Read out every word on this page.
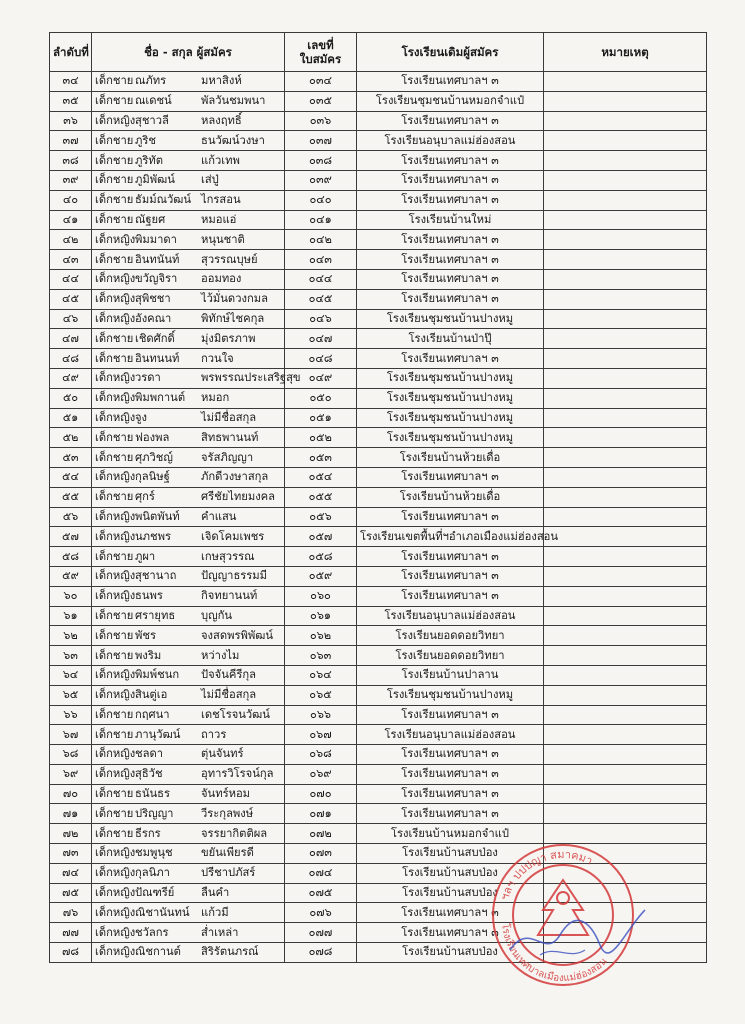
ลำดับที่	ชื่อ - สกุล ผู้สมัคร	เลขที่
ใบสมัคร	โรงเรียนเดิมผู้สมัคร	หมายเหตุ
๓๔	เด็กชาย ณภัทร มหาสิงห์	๐๓๔	โรงเรียนเทศบาลฯ ๓	
๓๕	เด็กชาย ณเดชน์ พัลวันชมพนา	๐๓๕	โรงเรียนชุมชนบ้านหมอกจำแป๋	
๓๖	เด็กหญิงสุชาวลี หลงฤทธิ์	๐๓๖	โรงเรียนเทศบาลฯ ๓	
๓๗	เด็กชาย ภูริช ธนวัฒน์วงษา	๐๓๗	โรงเรียนอนุบาลแม่ฮ่องสอน	
๓๘	เด็กชาย ภูริทัต แก้วเทพ	๐๓๘	โรงเรียนเทศบาลฯ ๓	
๓๙	เด็กชาย ภูมิพัฒน์ เส่ปู่	๐๓๙	โรงเรียนเทศบาลฯ ๓	
๔๐	เด็กชาย ธัมม์ณวัฒน์ ไกรสอน	๐๔๐	โรงเรียนเทศบาลฯ ๓	
๔๑	เด็กชาย ณัฐยศ หมอแอ่	๐๔๑	โรงเรียนบ้านใหม่	
๔๒	เด็กหญิงพิมมาดา หนุนชาติ	๐๔๒	โรงเรียนเทศบาลฯ ๓	
๔๓	เด็กชาย อินทนันท์ สุวรรณบุษย์	๐๔๓	โรงเรียนเทศบาลฯ ๓	
๔๔	เด็กหญิงขวัญจิรา ออมทอง	๐๔๔	โรงเรียนเทศบาลฯ ๓	
๔๕	เด็กหญิงสุพิชชา ไว้มั่นดวงกมล	๐๔๕	โรงเรียนเทศบาลฯ ๓	
๔๖	เด็กหญิงอังคณา พิทักษ์ไชคกุล	๐๔๖	โรงเรียนชุมชนบ้านปางหมู	
๔๗	เด็กชาย เชิดศักดิ์ มุ่งมิตรภาพ	๐๔๗	โรงเรียนบ้านป่าปุ๊	
๔๘	เด็กชาย อินทนนท์ กวนใจ	๐๔๘	โรงเรียนเทศบาลฯ ๓	
๔๙	เด็กหญิงวรดา พรพรรณประเสริฐสุข	๐๔๙	โรงเรียนชุมชนบ้านปางหมู	
๕๐	เด็กหญิงพิมพกานต์ หมอก	๐๕๐	โรงเรียนชุมชนบ้านปางหมู	
๕๑	เด็กหญิงจูง ไม่มีชื่อสกุล	๐๕๑	โรงเรียนชุมชนบ้านปางหมู	
๕๒	เด็กชาย ฟองพล สิทธพานนท์	๐๕๒	โรงเรียนชุมชนบ้านปางหมู	
๕๓	เด็กชาย ศุภวิชญ์ จรัสภิญญา	๐๕๓	โรงเรียนบ้านห้วยเดื่อ	
๕๔	เด็กหญิงกุลนิษฐ์ ภักดีวงษาสกุล	๐๕๔	โรงเรียนเทศบาลฯ ๓	
๕๕	เด็กชาย ศุกร์ ศรีชัยไทยมงคล	๐๕๕	โรงเรียนบ้านห้วยเดื่อ	
๕๖	เด็กหญิงพนิตพันท์ คำแสน	๐๕๖	โรงเรียนเทศบาลฯ ๓	
๕๗	เด็กหญิงนภชพร เจิดโคมเพชร	๐๕๗	โรงเรียนเขตพื้นที่ฯอำเภอเมืองแม่ฮ่องสอน	
๕๘	เด็กชาย ภูผา เกษสุวรรณ	๐๕๘	โรงเรียนเทศบาลฯ ๓	
๕๙	เด็กหญิงสุชานาถ ปัญญาธรรมมี	๐๕๙	โรงเรียนเทศบาลฯ ๓	
๖๐	เด็กหญิงธนพร กิจทยานนท์	๐๖๐	โรงเรียนเทศบาลฯ ๓	
๖๑	เด็กชาย ศรายุทธ บุญกัน	๐๖๑	โรงเรียนอนุบาลแม่ฮ่องสอน	
๖๒	เด็กชาย พัชร จงสดพรพิพัฒน์	๐๖๒	โรงเรียนยอดดอยวิทยา	
๖๓	เด็กชาย พงริม หว่างไม	๐๖๓	โรงเรียนยอดดอยวิทยา	
๖๔	เด็กหญิงพิมพ์ชนก ปัจจันคีรีกุล	๐๖๔	โรงเรียนบ้านปาลาน	
๖๕	เด็กหญิงสินตู่เอ ไม่มีชื่อสกุล	๐๖๕	โรงเรียนชุมชนบ้านปางหมู	
๖๖	เด็กชาย กฤศนา เดชโรจนวัฒน์	๐๖๖	โรงเรียนเทศบาลฯ ๓	
๖๗	เด็กชาย ภานุวัฒน์ ถาวร	๐๖๗	โรงเรียนอนุบาลแม่ฮ่องสอน	
๖๘	เด็กหญิงชลดา ตุ่นจันทร์	๐๖๘	โรงเรียนเทศบาลฯ ๓	
๖๙	เด็กหญิงสุธิวัช อุทารวิโรจน์กุล	๐๖๙	โรงเรียนเทศบาลฯ ๓	
๗๐	เด็กชาย ธนันธร จันทร์หอม	๐๗๐	โรงเรียนเทศบาลฯ ๓	
๗๑	เด็กชาย ปริญญา วีระกุลพงษ์	๐๗๑	โรงเรียนเทศบาลฯ ๓	
๗๒	เด็กชาย ธีรกร จรรยากิตติผล	๐๗๒	โรงเรียนบ้านหมอกจำแป๋	
๗๓	เด็กหญิงชมพูนุช ขยันเพียรดี	๐๗๓	โรงเรียนบ้านสบป่อง	
๗๔	เด็กหญิงกุลนิภา ปรีชาปภัสร์	๐๗๔	โรงเรียนบ้านสบป่อง	
๗๕	เด็กหญิงปัณฑรีย์ ลืนคำ	๐๗๕	โรงเรียนบ้านสบป่อง	
๗๖	เด็กหญิงณิชานันทน์ แก้วมี	๐๗๖	โรงเรียนเทศบาลฯ ๓	
๗๗	เด็กหญิงชวัลกร ส่ำเหล่า	๐๗๗	โรงเรียนเทศบาลฯ ๓	
๗๘	เด็กหญิงณิชกานต์ สิริรัตนภรณ์	๐๗๘	โรงเรียนบ้านสบป่อง	
ฯลฯ ปปปญา สมาคมา
โรงเรียนเทศบาลเมืองแม่ฮ่องสอน
